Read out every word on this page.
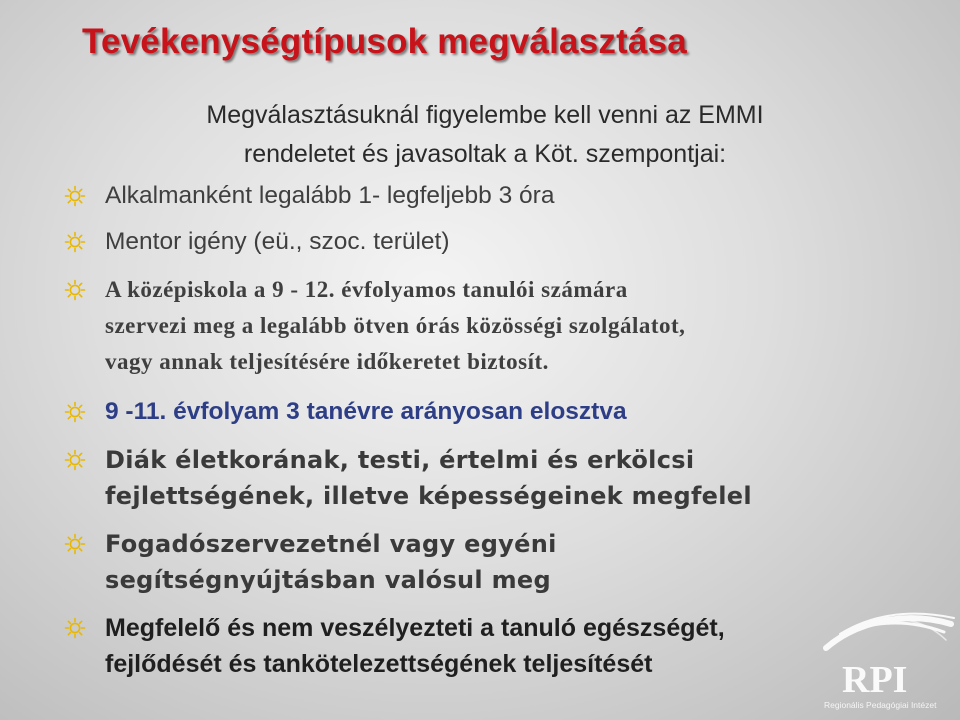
Tevékenységtípusok megválasztása

Megválasztásuknál figyelembe kell venni az EMMI
rendeletet és javasoltak a Köt. szempontjai:

Alkalmanként legalább 1- legfeljebb 3 óra
Mentor igény (eü., szoc. terület)
A középiskola a 9 - 12. évfolyamos tanulói számára
szervezi meg a legalább ötven órás közösségi szolgálatot,
vagy annak teljesítésére időkeretet biztosít.
9 -11. évfolyam 3 tanévre arányosan elosztva
Diák életkorának, testi, értelmi és erkölcsi
fejlettségének, illetve képességeinek megfelel
Fogadószervezetnél vagy egyéni
segítségnyújtásban valósul meg
Megfelelő és nem veszélyezteti a tanuló egészségét,
fejlődését és tankötelezettségének teljesítését	RPI
Regionális Pedagógiai Intézet
